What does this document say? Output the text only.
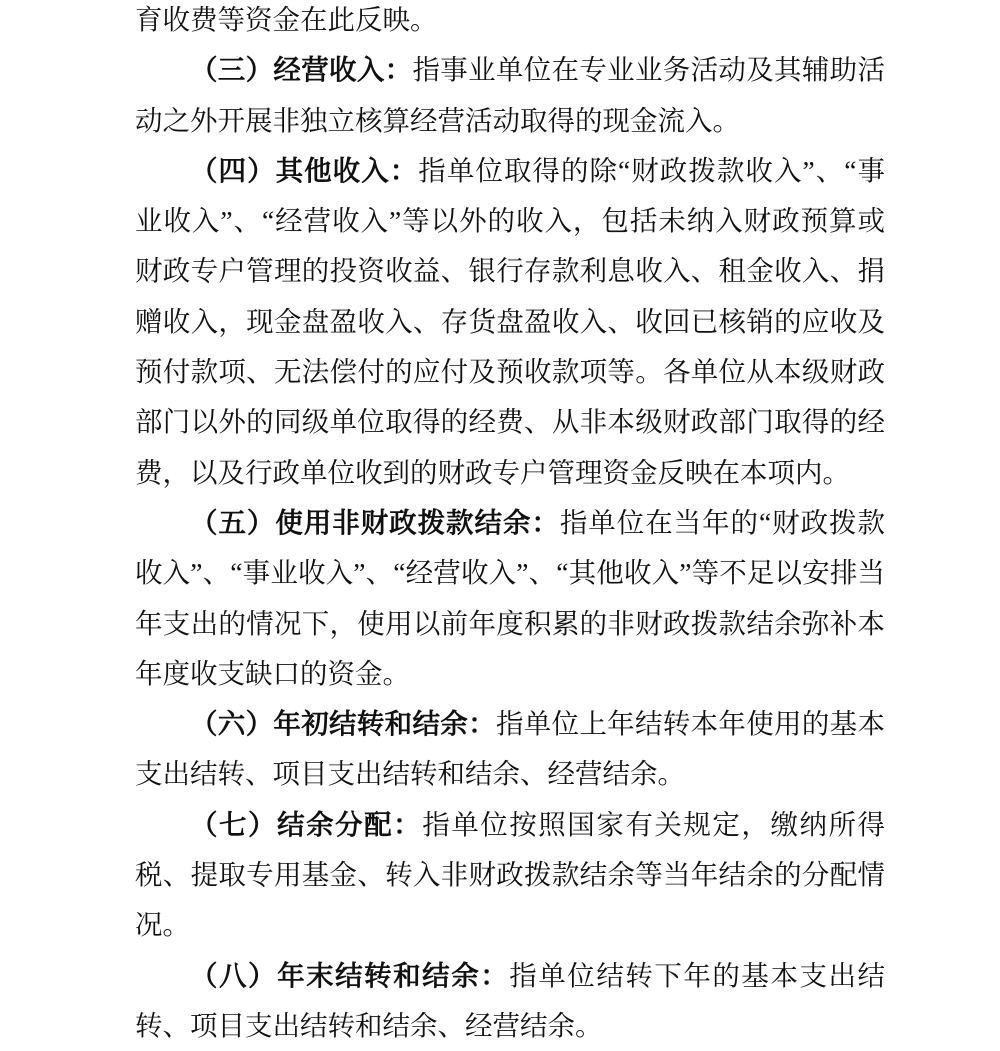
育收费等资金在此反映。

（三）经营收入：指事业单位在专业业务活动及其辅助活动之外开展非独立核算经营活动取得的现金流入。

（四）其他收入：指单位取得的除“财政拨款收入”、“事业收入”、“经营收入”等以外的收入，包括未纳入财政预算或财政专户管理的投资收益、银行存款利息收入、租金收入、捐赠收入，现金盘盈收入、存货盘盈收入、收回已核销的应收及预付款项、无法偿付的应付及预收款项等。各单位从本级财政部门以外的同级单位取得的经费、从非本级财政部门取得的经费，以及行政单位收到的财政专户管理资金反映在本项内。

（五）使用非财政拨款结余：指单位在当年的“财政拨款收入”、“事业收入”、“经营收入”、“其他收入”等不足以安排当年支出的情况下，使用以前年度积累的非财政拨款结余弥补本年度收支缺口的资金。

（六）年初结转和结余：指单位上年结转本年使用的基本支出结转、项目支出结转和结余、经营结余。

（七）结余分配：指单位按照国家有关规定，缴纳所得税、提取专用基金、转入非财政拨款结余等当年结余的分配情况。

（八）年末结转和结余：指单位结转下年的基本支出结转、项目支出结转和结余、经营结余。
